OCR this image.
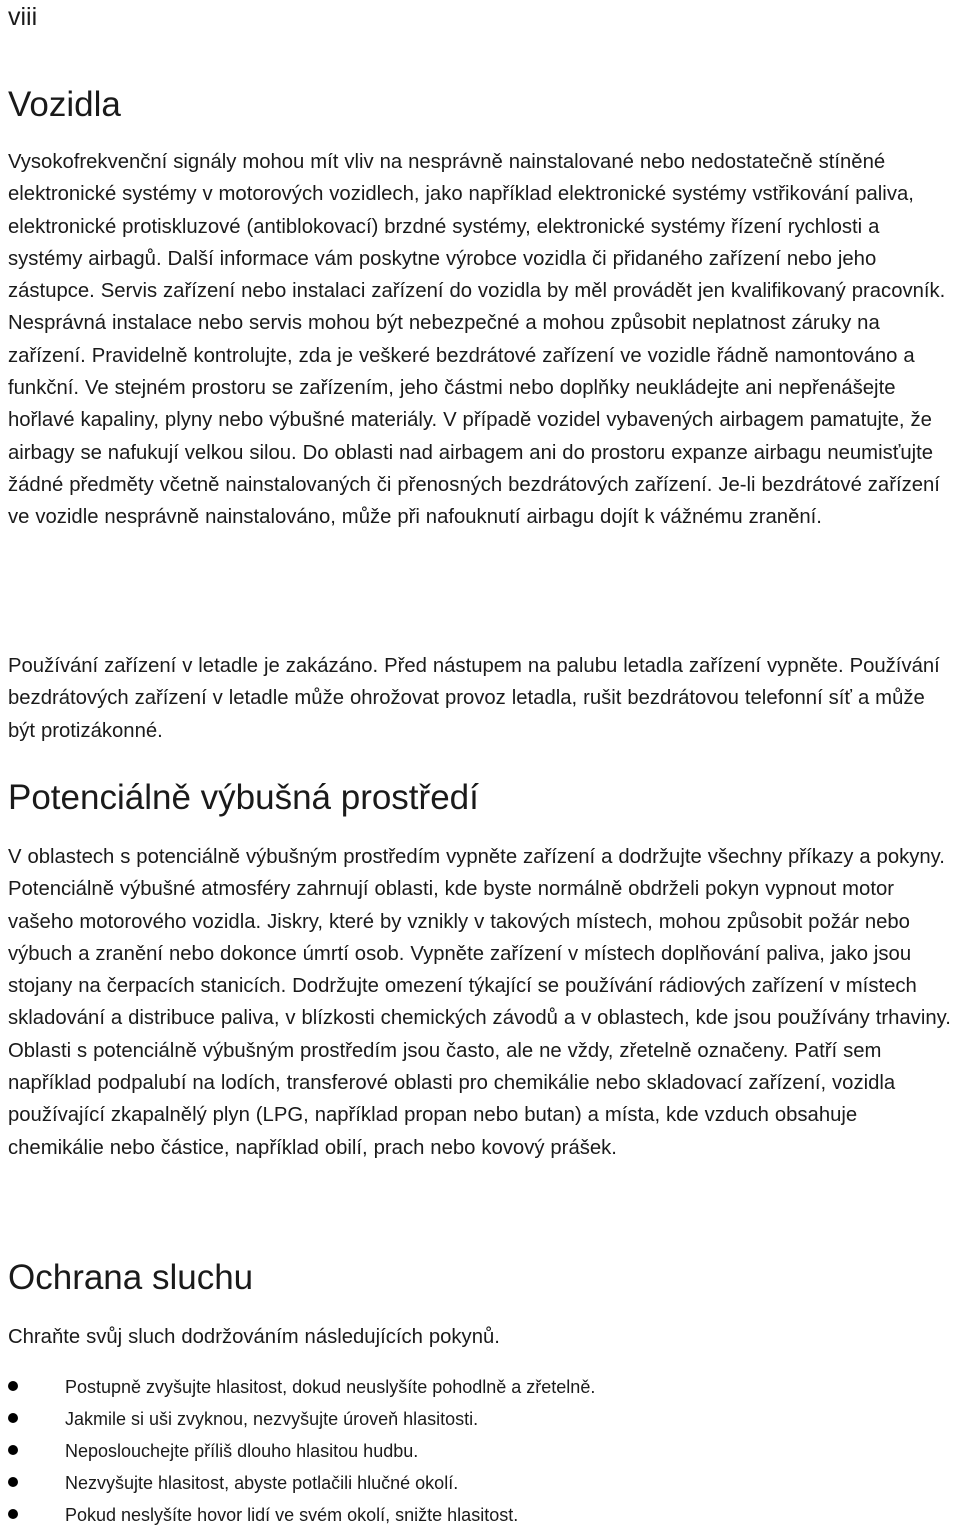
viii
Vozidla

Vysokofrekvenční signály mohou mít vliv na nesprávně nainstalované nebo nedostatečně stíněné elektronické systémy v motorových vozidlech, jako například elektronické systémy vstřikování paliva, elektronické protiskluzové (antiblokovací) brzdné systémy, elektronické systémy řízení rychlosti a systémy airbagů. Další informace vám poskytne výrobce vozidla či přidaného zařízení nebo jeho zástupce. Servis zařízení nebo instalaci zařízení do vozidla by měl provádět jen kvalifikovaný pracovník. Nesprávná instalace nebo servis mohou být nebezpečné a mohou způsobit neplatnost záruky na zařízení. Pravidelně kontrolujte, zda je veškeré bezdrátové zařízení ve vozidle řádně namontováno a funkční. Ve stejném prostoru se zařízením, jeho částmi nebo doplňky neukládejte ani nepřenášejte hořlavé kapaliny, plyny nebo výbušné materiály. V případě vozidel vybavených airbagem pamatujte, že airbagy se nafukují velkou silou. Do oblasti nad airbagem ani do prostoru expanze airbagu neumisťujte žádné předměty včetně nainstalovaných či přenosných bezdrátových zařízení. Je-li bezdrátové zařízení ve vozidle nesprávně nainstalováno, může při nafouknutí airbagu dojít k vážnému zranění.

Používání zařízení v letadle je zakázáno. Před nástupem na palubu letadla zařízení vypněte. Používání bezdrátových zařízení v letadle může ohrožovat provoz letadla, rušit bezdrátovou telefonní síť a může být protizákonné.

Potenciálně výbušná prostředí

V oblastech s potenciálně výbušným prostředím vypněte zařízení a dodržujte všechny příkazy a pokyny. Potenciálně výbušné atmosféry zahrnují oblasti, kde byste normálně obdrželi pokyn vypnout motor vašeho motorového vozidla. Jiskry, které by vznikly v takových místech, mohou způsobit požár nebo výbuch a zranění nebo dokonce úmrtí osob. Vypněte zařízení v místech doplňování paliva, jako jsou stojany na čerpacích stanicích. Dodržujte omezení týkající se používání rádiových zařízení v místech skladování a distribuce paliva, v blízkosti chemických závodů a v oblastech, kde jsou používány trhaviny. Oblasti s potenciálně výbušným prostředím jsou často, ale ne vždy, zřetelně označeny. Patří sem například podpalubí na lodích, transferové oblasti pro chemikálie nebo skladovací zařízení, vozidla používající zkapalnělý plyn (LPG, například propan nebo butan) a místa, kde vzduch obsahuje chemikálie nebo částice, například obilí, prach nebo kovový prášek.

Ochrana sluchu

Chraňte svůj sluch dodržováním následujících pokynů.

Postupně zvyšujte hlasitost, dokud neuslyšíte pohodlně a zřetelně.
Jakmile si uši zvyknou, nezvyšujte úroveň hlasitosti.
Neposlouchejte příliš dlouho hlasitou hudbu.
Nezvyšujte hlasitost, abyste potlačili hlučné okolí.
Pokud neslyšíte hovor lidí ve svém okolí, snižte hlasitost.
